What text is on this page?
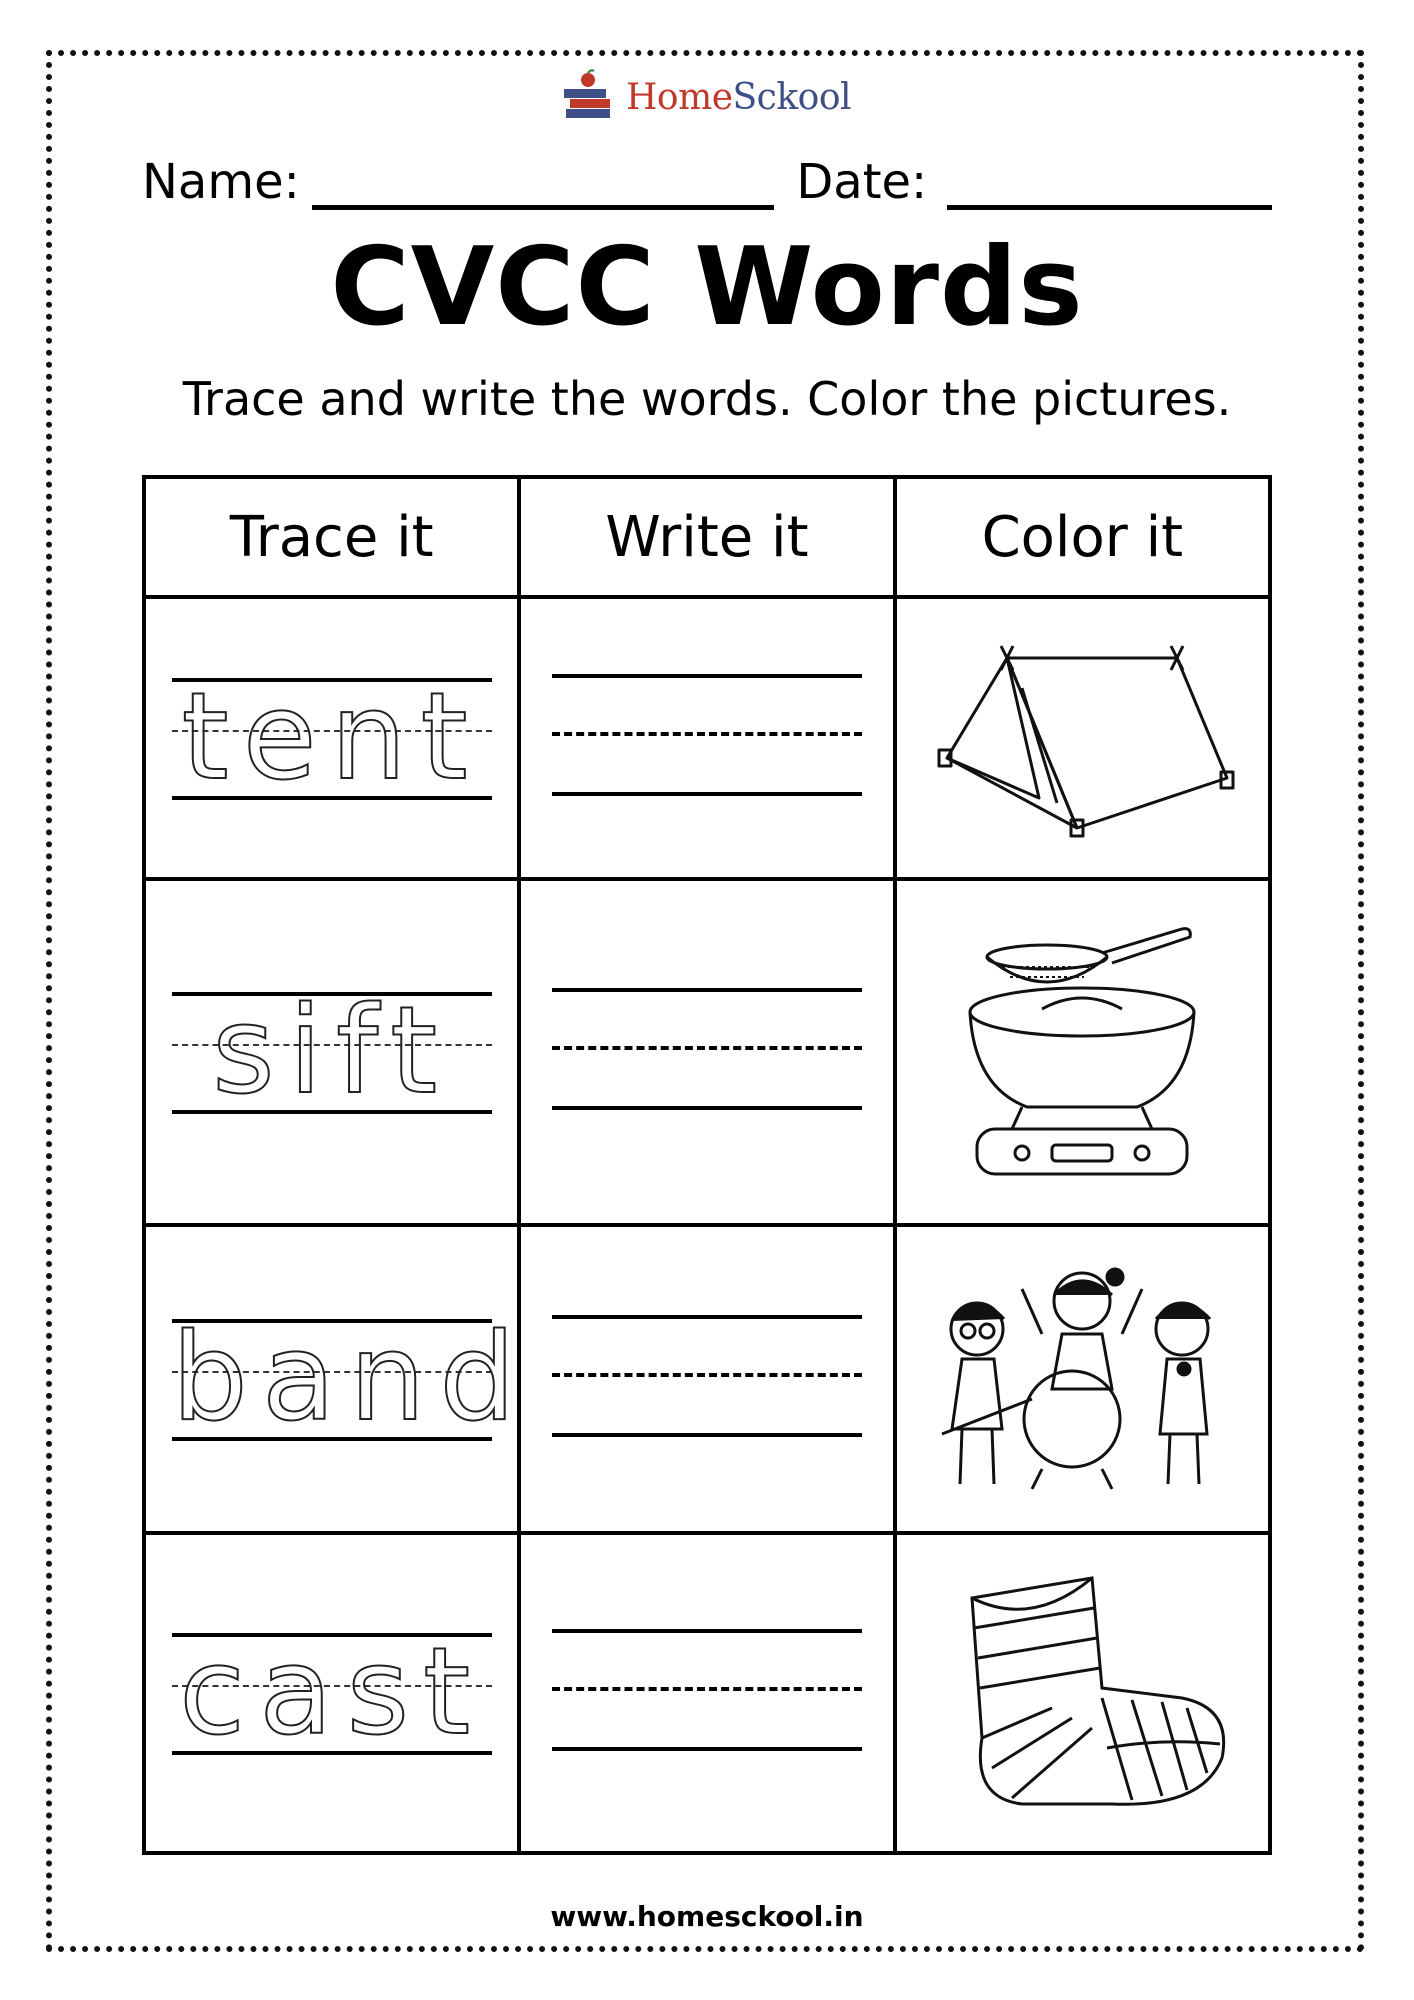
HomeSckool
Name:	Date:
CVCC Words
Trace and write the words. Color the pictures.
Trace it	Write it	Color it

tent

sift

band

cast

www.homesckool.in
